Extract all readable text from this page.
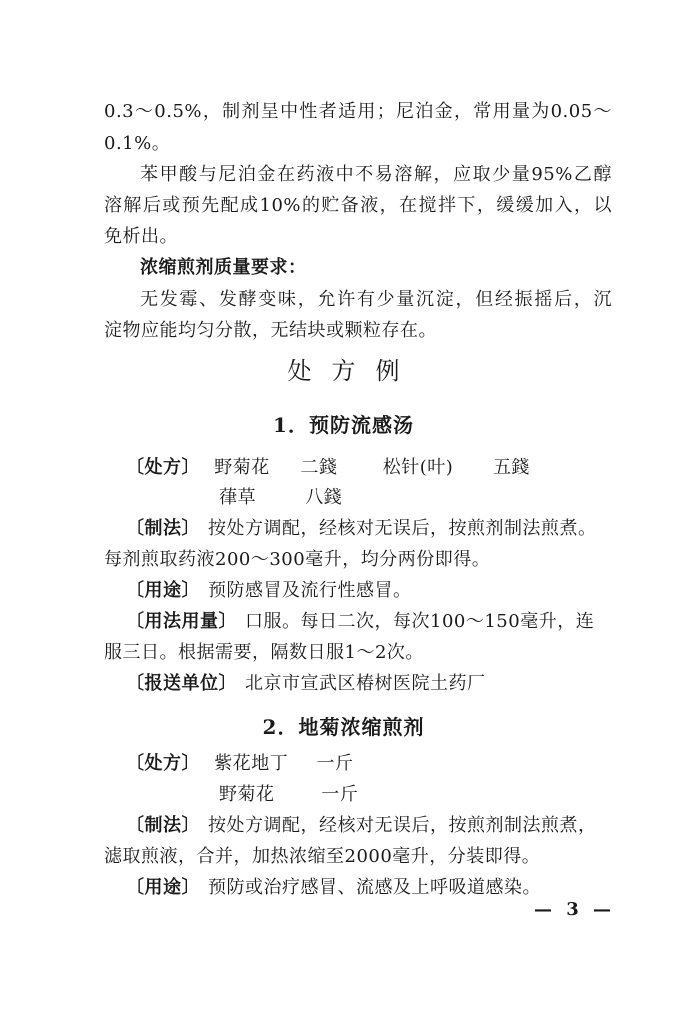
0.3～0.5%，制剂呈中性者适用；尼泊金，常用量为0.05～
0.1%。
苯甲酸与尼泊金在药液中不易溶解，应取少量95%乙醇
溶解后或预先配成10%的贮备液，在搅拌下，缓缓加入，以
免析出。
浓缩煎剂质量要求：
无发霉、发酵变味，允许有少量沉淀，但经振摇后，沉
淀物应能均匀分散，无结块或颗粒存在。
处方例
1．预防流感汤
〔处方〕 野菊花 二錢	松针(叶) 五錢
葎草	八錢
〔制法〕 按处方调配，经核对无误后，按煎剂制法煎煮。
每剂煎取药液200～300毫升，均分两份即得。
〔用途〕 预防感冒及流行性感冒。
〔用法用量〕 口服。每日二次，每次100～150毫升，连
服三日。根据需要，隔数日服1～2次。
〔报送单位〕 北京市宣武区椿树医院土药厂
2．地菊浓缩煎剂
〔处方〕 紫花地丁 一斤
野菊花	一斤
〔制法〕 按处方调配，经核对无误后，按煎剂制法煎煮，
滤取煎液，合并，加热浓缩至2000毫升，分装即得。
〔用途〕 预防或治疗感冒、流感及上呼吸道感染。
— 3 —
